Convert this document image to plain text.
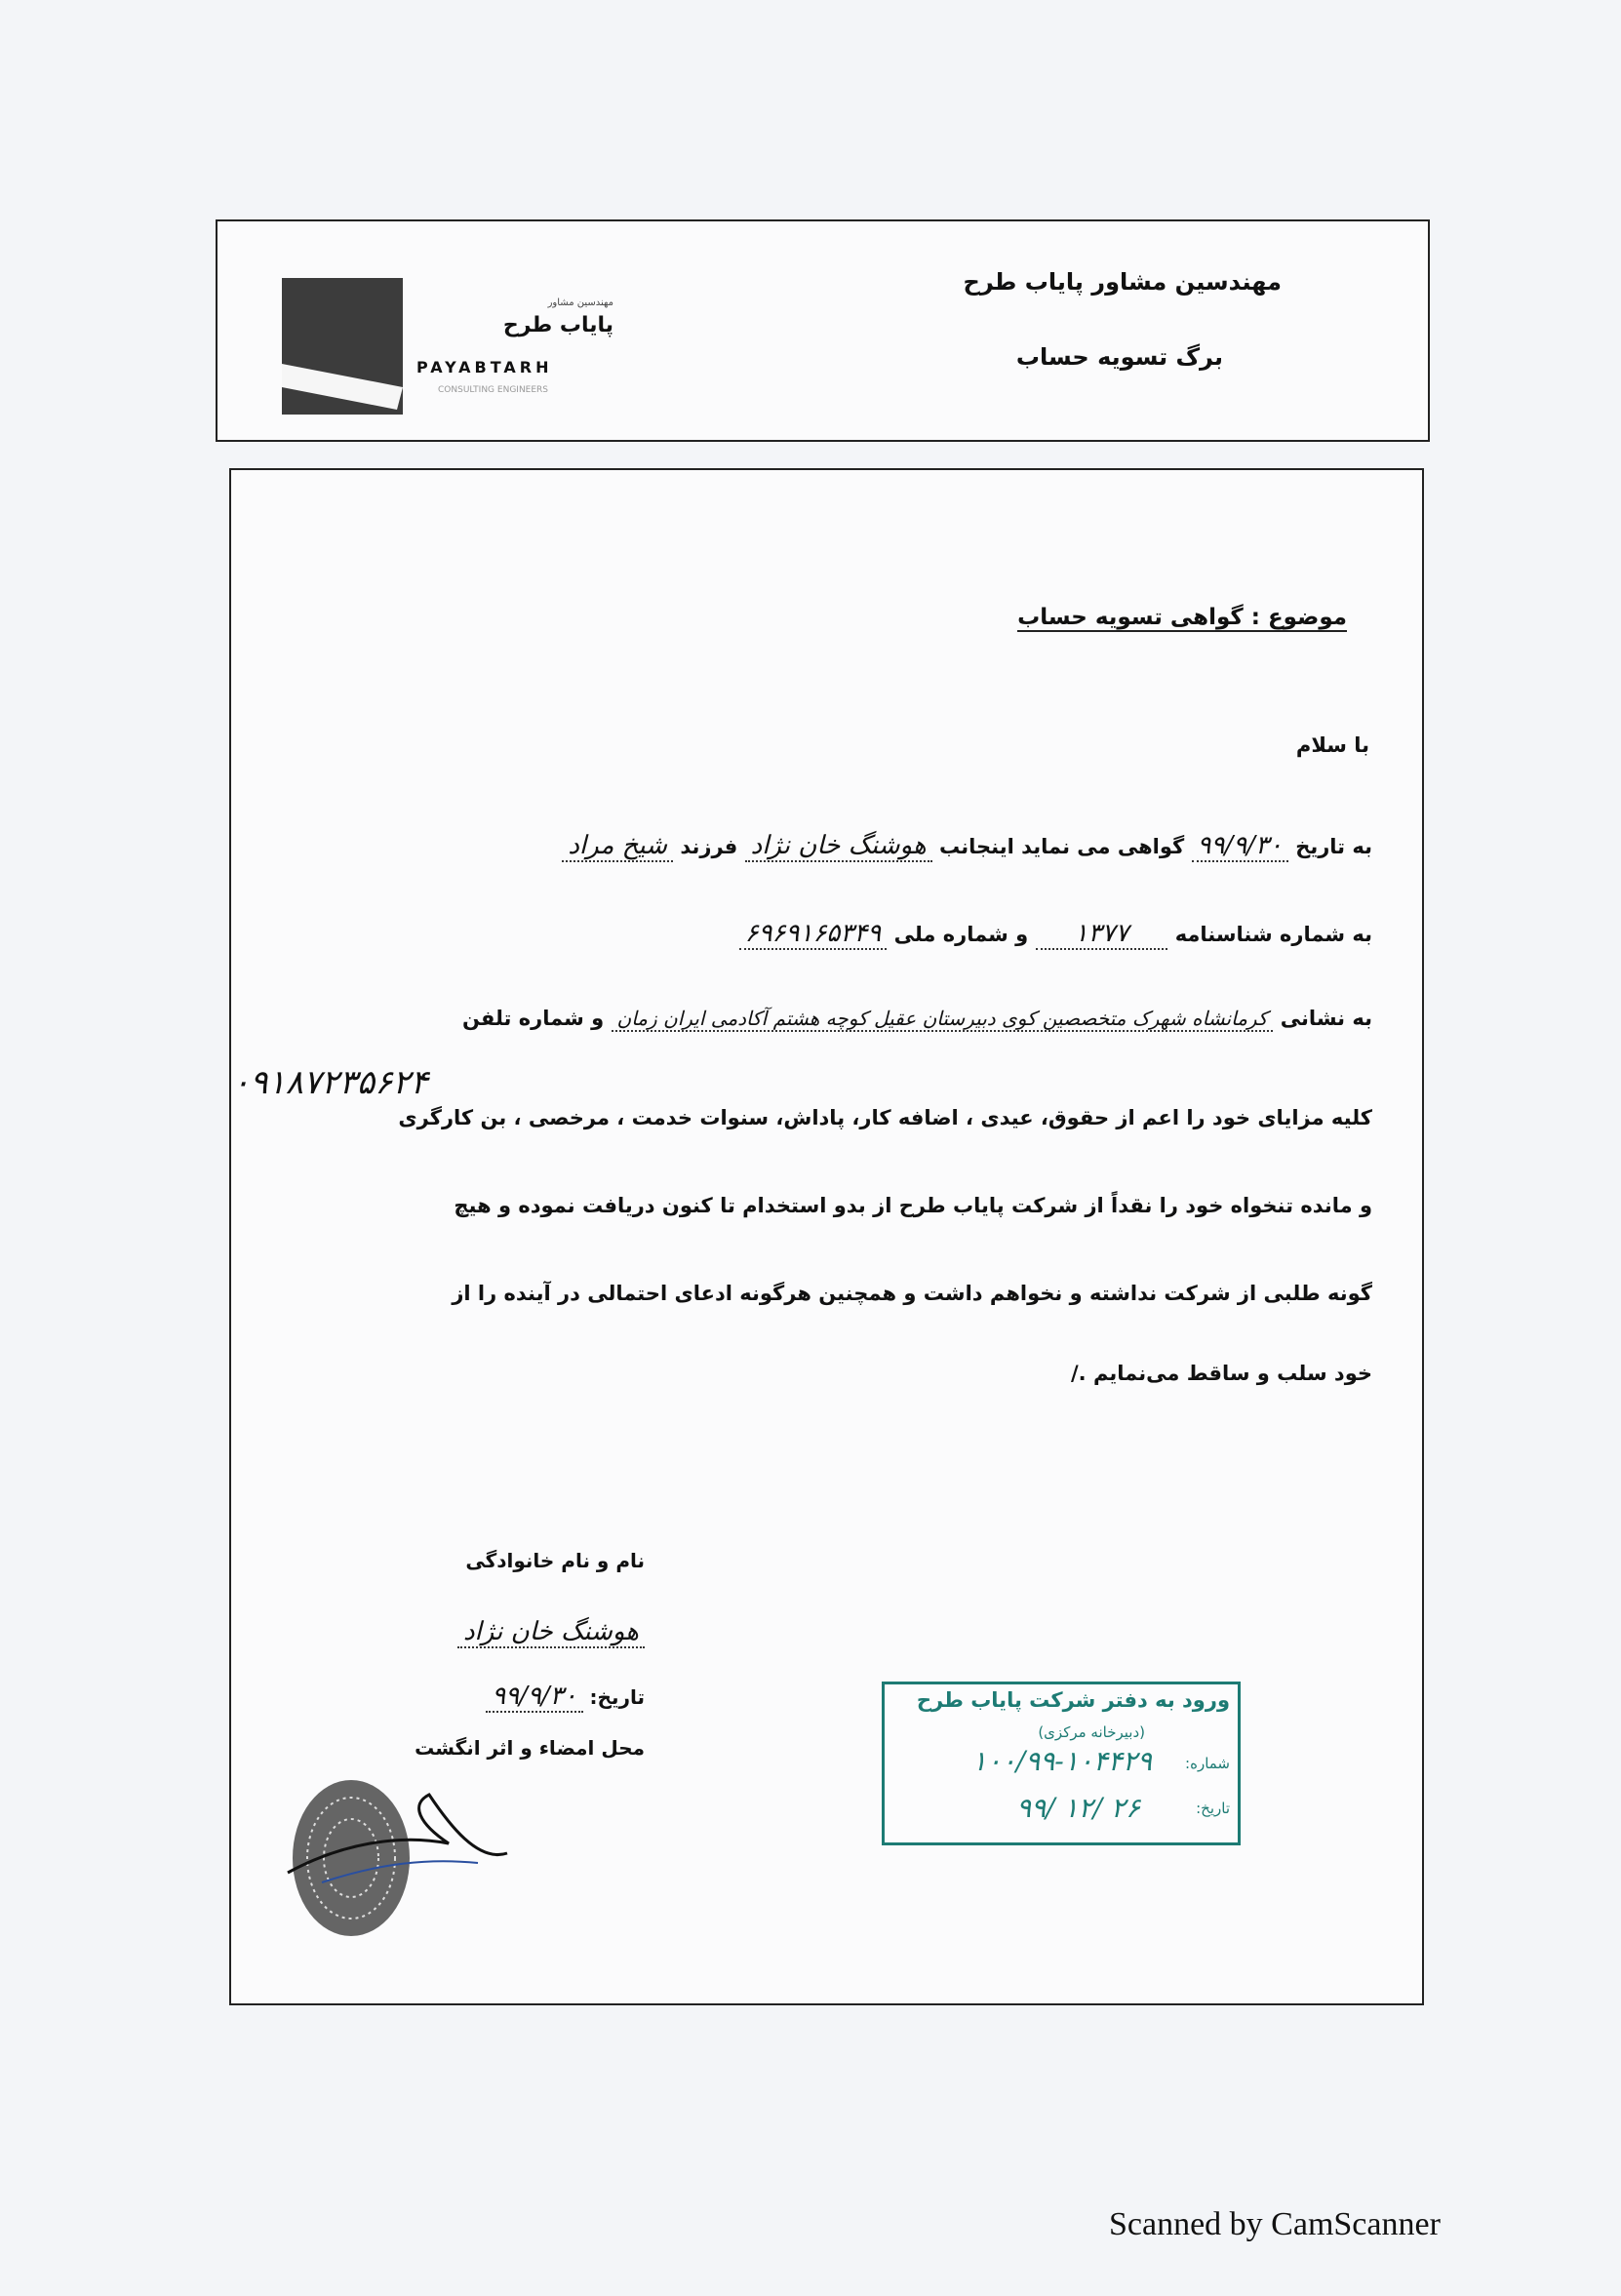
مهندسین مشاور پایاب طرح
برگ تسویه حساب
مهندسین مشاور
پایاب طرح
PAYABTARH
CONSULTING ENGINEERS
موضوع : گواهی تسویه حساب
با سلام
به تاریخ ۹۹/۹/۳۰ گواهی می نماید اینجانب هوشنگ خان نژاد فرزند شیخ مراد
به شماره شناسنامه ۱۳۷۷ و شماره ملی ۶۹۶۹۱۶۵۳۴۹
به نشانی کرمانشاه شهرک متخصصین کوی دبیرستان عقیل کوچه هشتم آکادمی ایران زمان و شماره تلفن
۰۹۱۸۷۲۳۵۶۲۴
کلیه مزایای خود را اعم از حقوق، عیدی ، اضافه کار، پاداش، سنوات خدمت ، مرخصی ، بن کارگری
و مانده تنخواه خود را نقداً از شرکت پایاب طرح از بدو استخدام تا کنون دریافت نموده و هیچ
گونه طلبی از شرکت نداشته و نخواهم داشت و همچنین هرگونه ادعای احتمالی در آینده را از
خود سلب و ساقط می‌نمایم ./
نام و نام خانوادگی
هوشنگ خان نژاد
تاریخ: ۹۹/۹/۳۰
محل امضاء و اثر انگشت
ورود به دفتر شرکت پایاب طرح
(دبیرخانه مرکزی)
شماره:
۱۰۰/۹۹-۱۰۴۴۲۹
تاریخ:
۹۹/ ۱۲/ ۲۶
Scanned by CamScanner
